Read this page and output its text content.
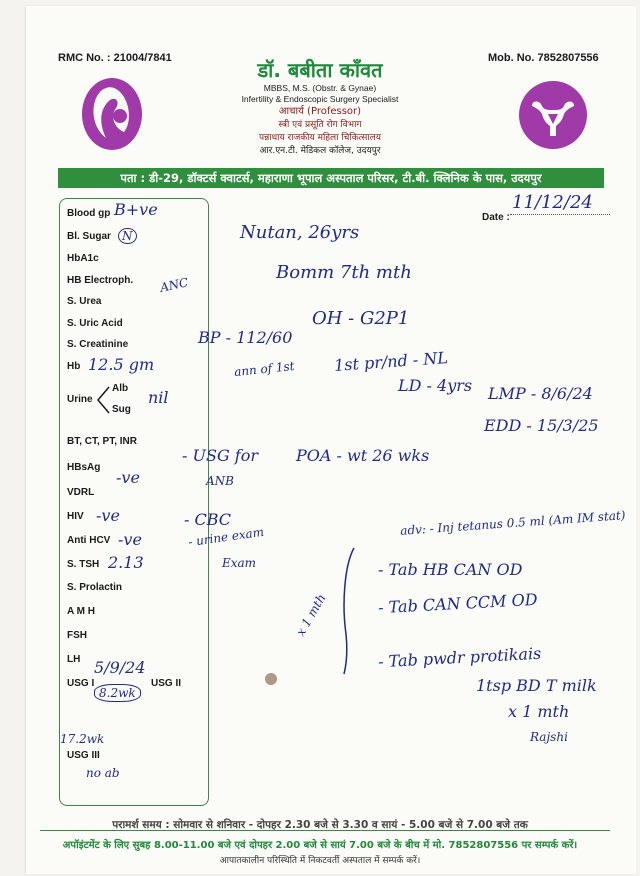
RMC No. : 21004/7841	Mob. No. 7852807556
डॉ. बबीता काँवत
MBBS, M.S. (Obstr. & Gynae)
Infertility & Endoscopic Surgery Specialist
आचार्य (Professor)
स्त्री एवं प्रसूति रोग विभाग
पन्नाधाय राजकीय महिला चिकित्सालय
आर.एन.टी. मेडिकल कॉलेज, उदयपुर
पता : डी-29, डॉक्टर्स क्वाटर्स, महाराणा भूपाल अस्पताल परिसर, टी.बी. क्लिनिक के पास, उदयपुर
Date :
11/12/24
Blood gp
Bl. Sugar
HbA1c
HB Electroph.
S. Urea
S. Uric Acid
S. Creatinine
Hb
Urine
Alb
Sug
BT, CT, PT, INR
HBsAg
VDRL
HIV
Anti HCV
S. TSH
S. Prolactin
A M H
FSH
LH
USG I	USG II
USG III
B+ve
N
12.5 gm
nil
-ve
-ve
-ve
2.13
5/9/24
8.2wk
17.2wk
no ab
ANC
Nutan, 26yrs
Bomm 7th mth
BP - 112/60
ann of 1st
OH - G2P1
1st pr/nd - NL
LD - 4yrs LMP - 8/6/24
EDD - 15/3/25
- USG for
ANB
POA - wt 26 wks
- CBC
- urine exam
Exam
adv: - Inj tetanus 0.5 ml (Am IM stat)
x 1 mth
- Tab HB CAN OD
- Tab CAN CCM OD
- Tab pwdr protikais
1tsp BD T milk
x 1 mth
Rajshi
परामर्श समय : सोमवार से शनिवार - दोपहर 2.30 बजे से 3.30 व सायं - 5.00 बजे से 7.00 बजे तक
अपॉइंटमेंट के लिए सुबह 8.00-11.00 बजे एवं दोपहर 2.00 बजे से सायं 7.00 बजे के बीच में मो. 7852807556 पर सम्पर्क करें।
आपातकालीन परिस्थिति में निकटवर्ती अस्पताल में सम्पर्क करें।
